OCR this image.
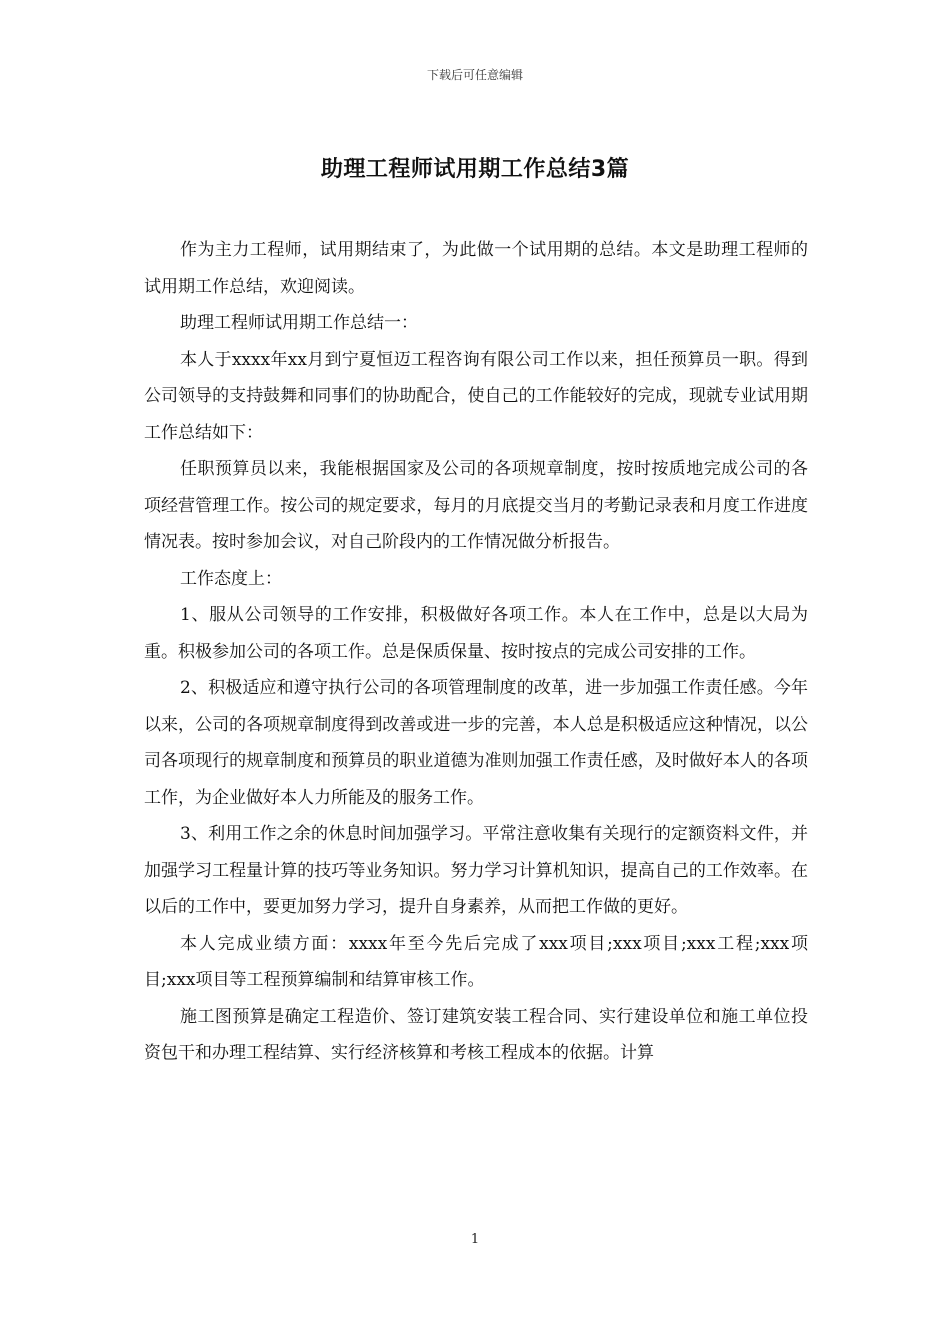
下载后可任意编辑
助理工程师试用期工作总结3篇

作为主力工程师，试用期结束了，为此做一个试用期的总结。本文是助理工程师的试用期工作总结，欢迎阅读。

助理工程师试用期工作总结一：

本人于xxxx年xx月到宁夏恒迈工程咨询有限公司工作以来，担任预算员一职。得到公司领导的支持鼓舞和同事们的协助配合，使自己的工作能较好的完成，现就专业试用期工作总结如下：

任职预算员以来，我能根据国家及公司的各项规章制度，按时按质地完成公司的各项经营管理工作。按公司的规定要求，每月的月底提交当月的考勤记录表和月度工作进度情况表。按时参加会议，对自己阶段内的工作情况做分析报告。

工作态度上：

1、服从公司领导的工作安排，积极做好各项工作。本人在工作中，总是以大局为重。积极参加公司的各项工作。总是保质保量、按时按点的完成公司安排的工作。

2、积极适应和遵守执行公司的各项管理制度的改革，进一步加强工作责任感。今年以来，公司的各项规章制度得到改善或进一步的完善，本人总是积极适应这种情况，以公司各项现行的规章制度和预算员的职业道德为准则加强工作责任感，及时做好本人的各项工作，为企业做好本人力所能及的服务工作。

3、利用工作之余的休息时间加强学习。平常注意收集有关现行的定额资料文件，并加强学习工程量计算的技巧等业务知识。努力学习计算机知识，提高自己的工作效率。在以后的工作中，要更加努力学习，提升自身素养，从而把工作做的更好。

本人完成业绩方面：xxxx年至今先后完成了xxx项目;xxx项目;xxx工程;xxx项目;xxx项目等工程预算编制和结算审核工作。

施工图预算是确定工程造价、签订建筑安装工程合同、实行建设单位和施工单位投资包干和办理工程结算、实行经济核算和考核工程成本的依据。计算

1
